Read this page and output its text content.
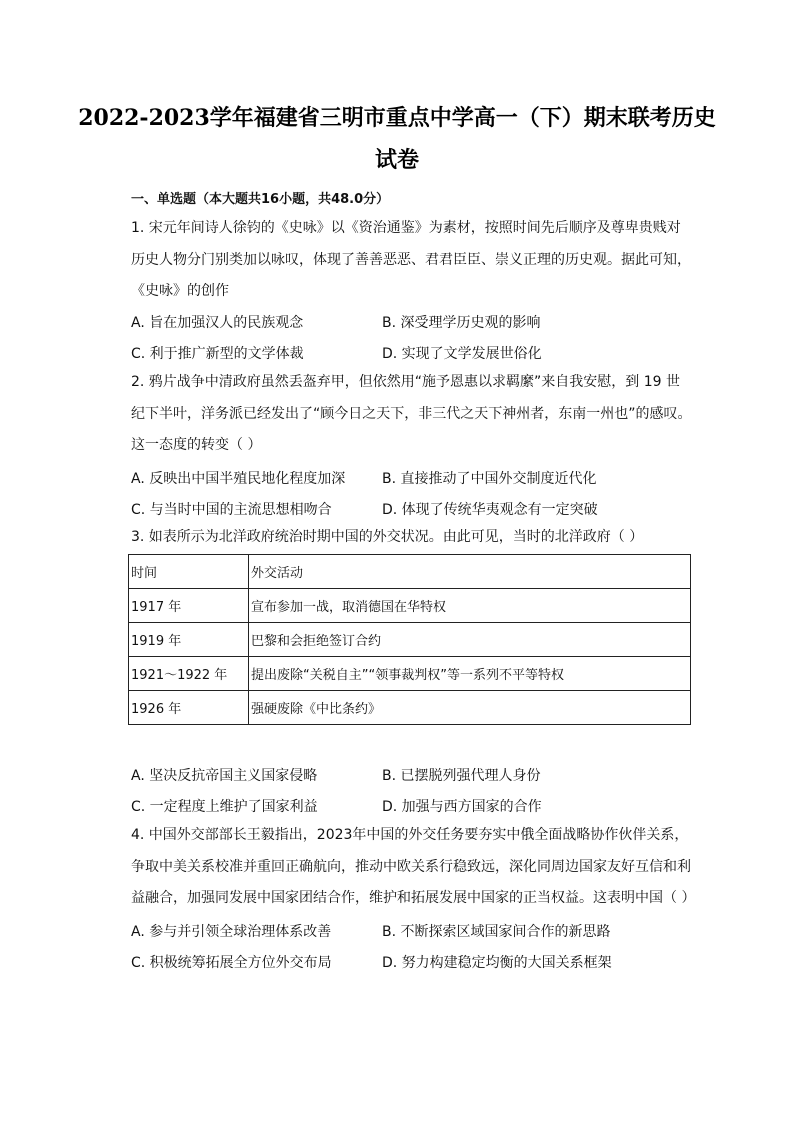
2022-2023学年福建省三明市重点中学高一（下）期末联考历史
试卷
一、单选题（本大题共16小题，共48.0分）
1. 宋元年间诗人徐钧的《史咏》以《资治通鉴》为素材，按照时间先后顺序及尊卑贵贱对
历史人物分门别类加以咏叹，体现了善善恶恶、君君臣臣、崇义正理的历史观。据此可知，
《史咏》的创作
A. 旨在加强汉人的民族观念	B. 深受理学历史观的影响
C. 利于推广新型的文学体裁	D. 实现了文学发展世俗化
2. 鸦片战争中清政府虽然丢盔弃甲，但依然用“施予恩惠以求羁縻”来自我安慰，到 19 世
纪下半叶，洋务派已经发出了“顾今日之天下，非三代之天下神州者，东南一州也”的感叹。
这一态度的转变（ ）
A. 反映出中国半殖民地化程度加深	B. 直接推动了中国外交制度近代化
C. 与当时中国的主流思想相吻合	D. 体现了传统华夷观念有一定突破
3. 如表所示为北洋政府统治时期中国的外交状况。由此可见，当时的北洋政府（ ）
时间	外交活动
1917 年	宣布参加一战，取消德国在华特权
1919 年	巴黎和会拒绝签订合约
1921～1922 年	提出废除“关税自主”“领事裁判权”等一系列不平等特权
1926 年	强硬废除《中比条约》
A. 坚决反抗帝国主义国家侵略	B. 已摆脱列强代理人身份
C. 一定程度上维护了国家利益	D. 加强与西方国家的合作
4. 中国外交部部长王毅指出，2023年中国的外交任务要夯实中俄全面战略协作伙伴关系，
争取中美关系校准并重回正确航向，推动中欧关系行稳致远，深化同周边国家友好互信和利
益融合，加强同发展中国家团结合作，维护和拓展发展中国家的正当权益。这表明中国（ ）
A. 参与并引领全球治理体系改善	B. 不断探索区域国家间合作的新思路
C. 积极统筹拓展全方位外交布局	D. 努力构建稳定均衡的大国关系框架
